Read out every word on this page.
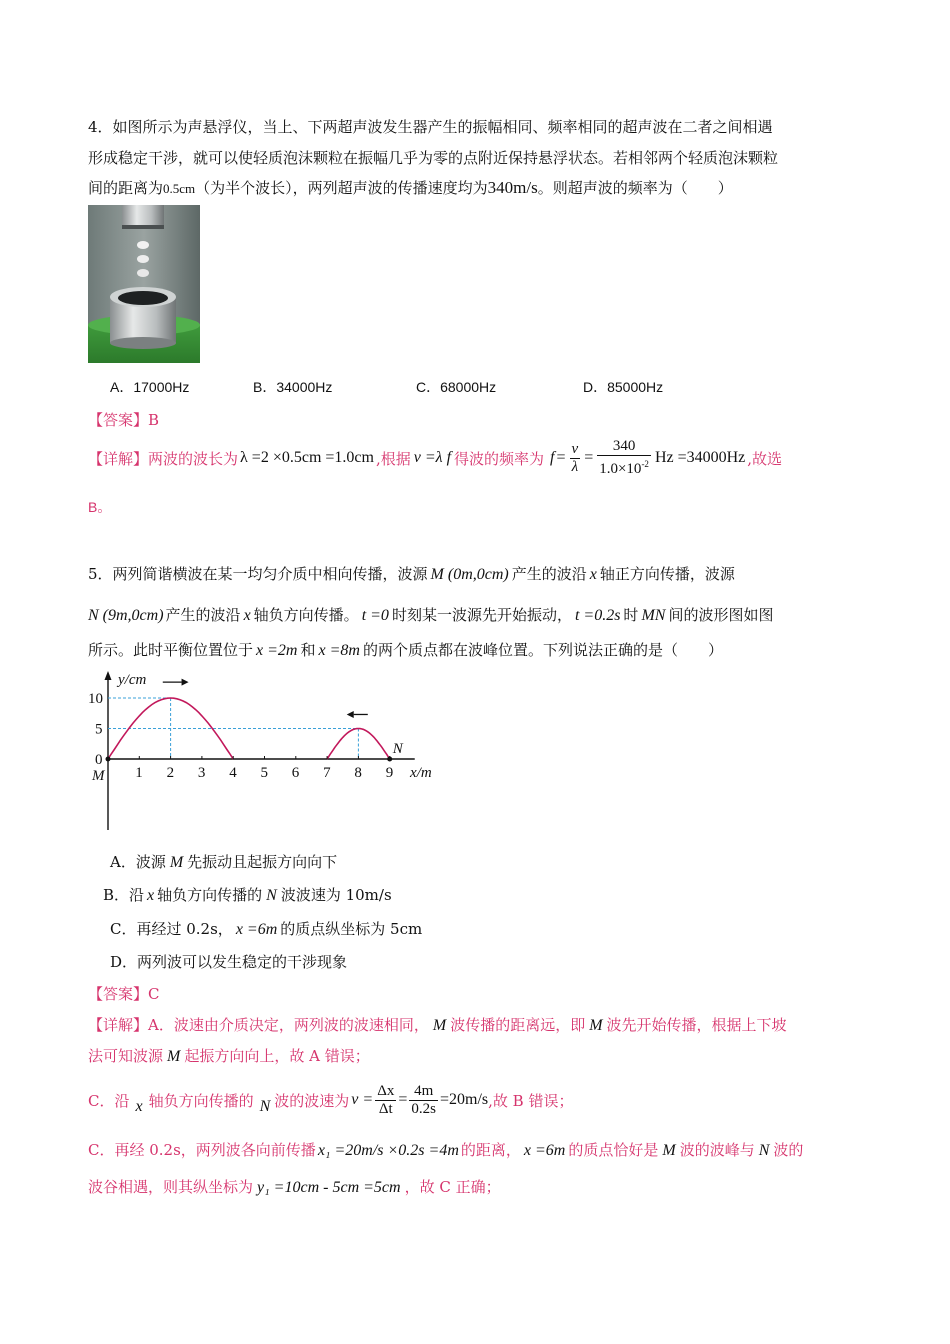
4．如图所示为声悬浮仪，当上、下两超声波发生器产生的振幅相同、频率相同的超声波在二者之间相遇
形成稳定干涉，就可以使轻质泡沫颗粒在振幅几乎为零的点附近保持悬浮状态。若相邻两个轻质泡沫颗粒
间的距离为0.5cm（为半个波长），两列超声波的传播速度均为340m/s。则超声波的频率为（　　）
A．17000Hz	B．34000Hz	C．68000Hz	D．85000Hz
【答案】B
【详解】 两波的波长为 λ =2 ×0.5cm =1.0cm ,根据 v =λ f 得波的频率为 $f = \frac{v}{\lambda} = \frac{340}{1.0\times 10^{-2}}$ Hz =34000Hz ,故选
B。
5．两列简谐横波在某一均匀介质中相向传播，波源 M (0m,0cm) 产生的波沿 x 轴正方向传播，波源
N (9m,0cm) 产生的波沿 x 轴负方向传播。 t =0 时刻某一波源先开始振动， t =0.2s 时 MN 间的波形图如图
所示。此时平衡位置位于 x =2m 和 x =8m 的两个质点都在波峰位置。下列说法正确的是（　　）
1 2 3 4 5 6 7 8 9
10
5
0
y/cm
x/m
M
N
A．波源 M 先振动且起振方向向下
B．沿 x 轴负方向传播的 N 波波速为 10m/s
C．再经过 0.2s， x =6m 的质点纵坐标为 5cm
D．两列波可以发生稳定的干涉现象
【答案】C
【详解】A．波速由介质决定，两列波的波速相同， M 波传播的距离远，即 M 波先开始传播，根据上下坡
法可知波源 M 起振方向向上，故 A 错误；
C．沿 x 轴负方向传播的 N 波的波速为 $v = \frac{\Delta x}{\Delta t} = \frac{4m}{0.2s} =20m/s$ ,故 B 错误；
C．再经 0.2s，两列波各向前传播 x₁ =20m/s ×0.2s =4m 的距离， x =6m 的质点恰好是 M 波的波峰与 N 波的
波谷相遇，则其纵坐标为 y₁ =10cm - 5cm =5cm ，故 C 正确；
